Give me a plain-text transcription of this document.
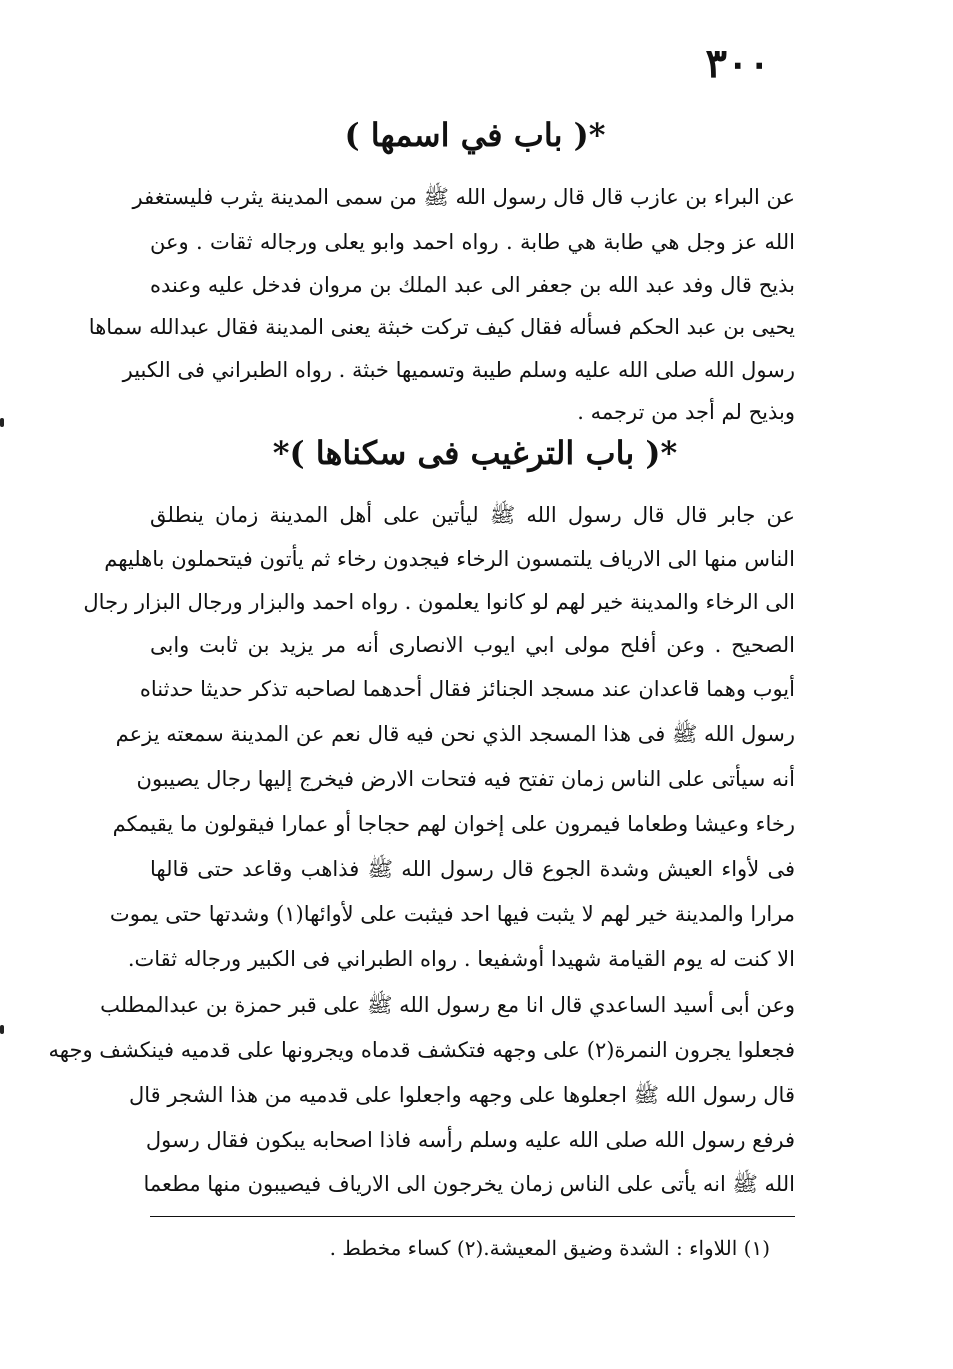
٣٠٠
*( باب في اسمها )
عن البراء بن عازب قال قال رسول الله ﷺ من سمى المدينة يثرب فليستغفر
الله عز وجل هي طابة هي طابة . رواه احمد وابو يعلى ورجاله ثقات . وعن
بذيح قال وفد عبد الله بن جعفر الى عبد الملك بن مروان فدخل عليه وعنده
يحيى بن عبد الحكم فسأله فقال كيف تركت خبثة يعنى المدينة فقال عبدالله سماها
رسول الله صلى الله عليه وسلم طيبة وتسميها خبثة . رواه الطبراني فى الكبير
وبذيح لم أجد من ترجمه .
*( باب الترغيب فى سكناها )*
عن جابر قال قال رسول الله ﷺ ليأتين على أهل المدينة زمان ينطلق
الناس منها الى الارياف يلتمسون الرخاء فيجدون رخاء ثم يأتون فيتحملون باهليهم
الى الرخاء والمدينة خير لهم لو كانوا يعلمون . رواه احمد والبزار ورجال البزار رجال
الصحيح . وعن أفلح مولى ابي ايوب الانصارى أنه مر يزيد بن ثابت وابى
أيوب وهما قاعدان عند مسجد الجنائز فقال أحدهما لصاحبه تذكر حديثا حدثناه
رسول الله ﷺ فى هذا المسجد الذي نحن فيه قال نعم عن المدينة سمعته يزعم
أنه سيأتى على الناس زمان تفتح فيه فتحات الارض فيخرج إليها رجال يصيبون
رخاء وعيشا وطعاما فيمرون على إخوان لهم حجاجا أو عمارا فيقولون ما يقيمكم
فى لأواء العيش وشدة الجوع قال رسول الله ﷺ فذاهب وقاعد حتى قالها
مرارا والمدينة خير لهم لا يثبت فيها احد فيثبت على لأوائها(١) وشدتها حتى يموت
الا كنت له يوم القيامة شهيدا أوشفيعا . رواه الطبراني فى الكبير ورجاله ثقات.
وعن أبى أسيد الساعدي قال انا مع رسول الله ﷺ على قبر حمزة بن عبدالمطلب
فجعلوا يجرون النمرة(٢) على وجهه فتكشف قدماه ويجرونها على قدميه فينكشف وجهه
قال رسول الله ﷺ اجعلوها على وجهه واجعلوا على قدميه من هذا الشجر قال
فرفع رسول الله صلى الله عليه وسلم رأسه فاذا اصحابه يبكون فقال رسول
الله ﷺ انه يأتى على الناس زمان يخرجون الى الارياف فيصيبون منها مطعما
(١) اللاواء : الشدة وضيق المعيشة.(٢) كساء مخطط .
